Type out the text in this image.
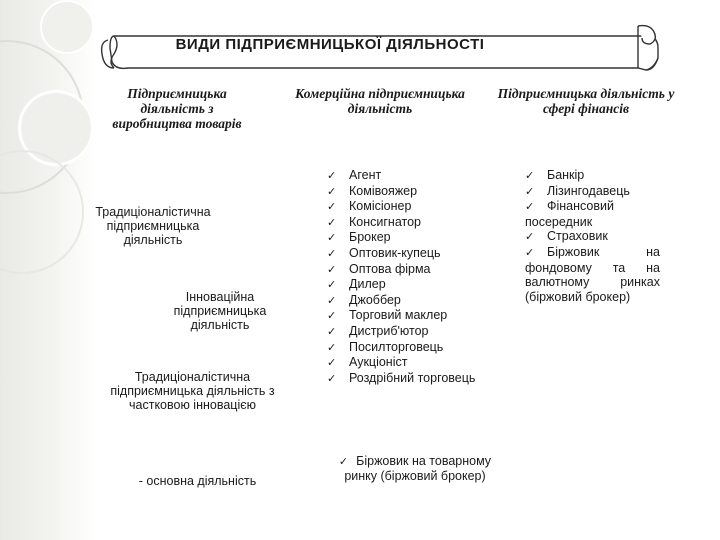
ВИДИ ПІДПРИЄМНИЦЬКОЇ ДІЯЛЬНОСТІ
Підприємницька діяльність з виробництва товарів
Комерційна підприємницька діяльність
Підприємницька діяльність у сфері фінансів
Традиціоналістична підприємницька діяльність
Інноваційна підприємницька діяльність
Традиціоналістична підприємницька діяльність з частковою інновацією
- основна діяльність
✓ Агент
✓ Комівояжер
✓ Комісіонер
✓ Консигнатор
✓ Брокер
✓ Оптовик-купець
✓ Оптова фірма
✓ Дилер
✓ Джоббер
✓ Торговий маклер
✓ Дистриб'ютор
✓ Посилторговець
✓ Аукціоніст
✓ Роздрібний торговець
✓ Біржовик на товарному ринку (біржовий брокер)
✓ Банкір
✓ Лізингодавець
✓ Фінансовий посередник
✓ Страховик
✓ Біржовик на фондовому та на валютному ринках (біржовий брокер)
